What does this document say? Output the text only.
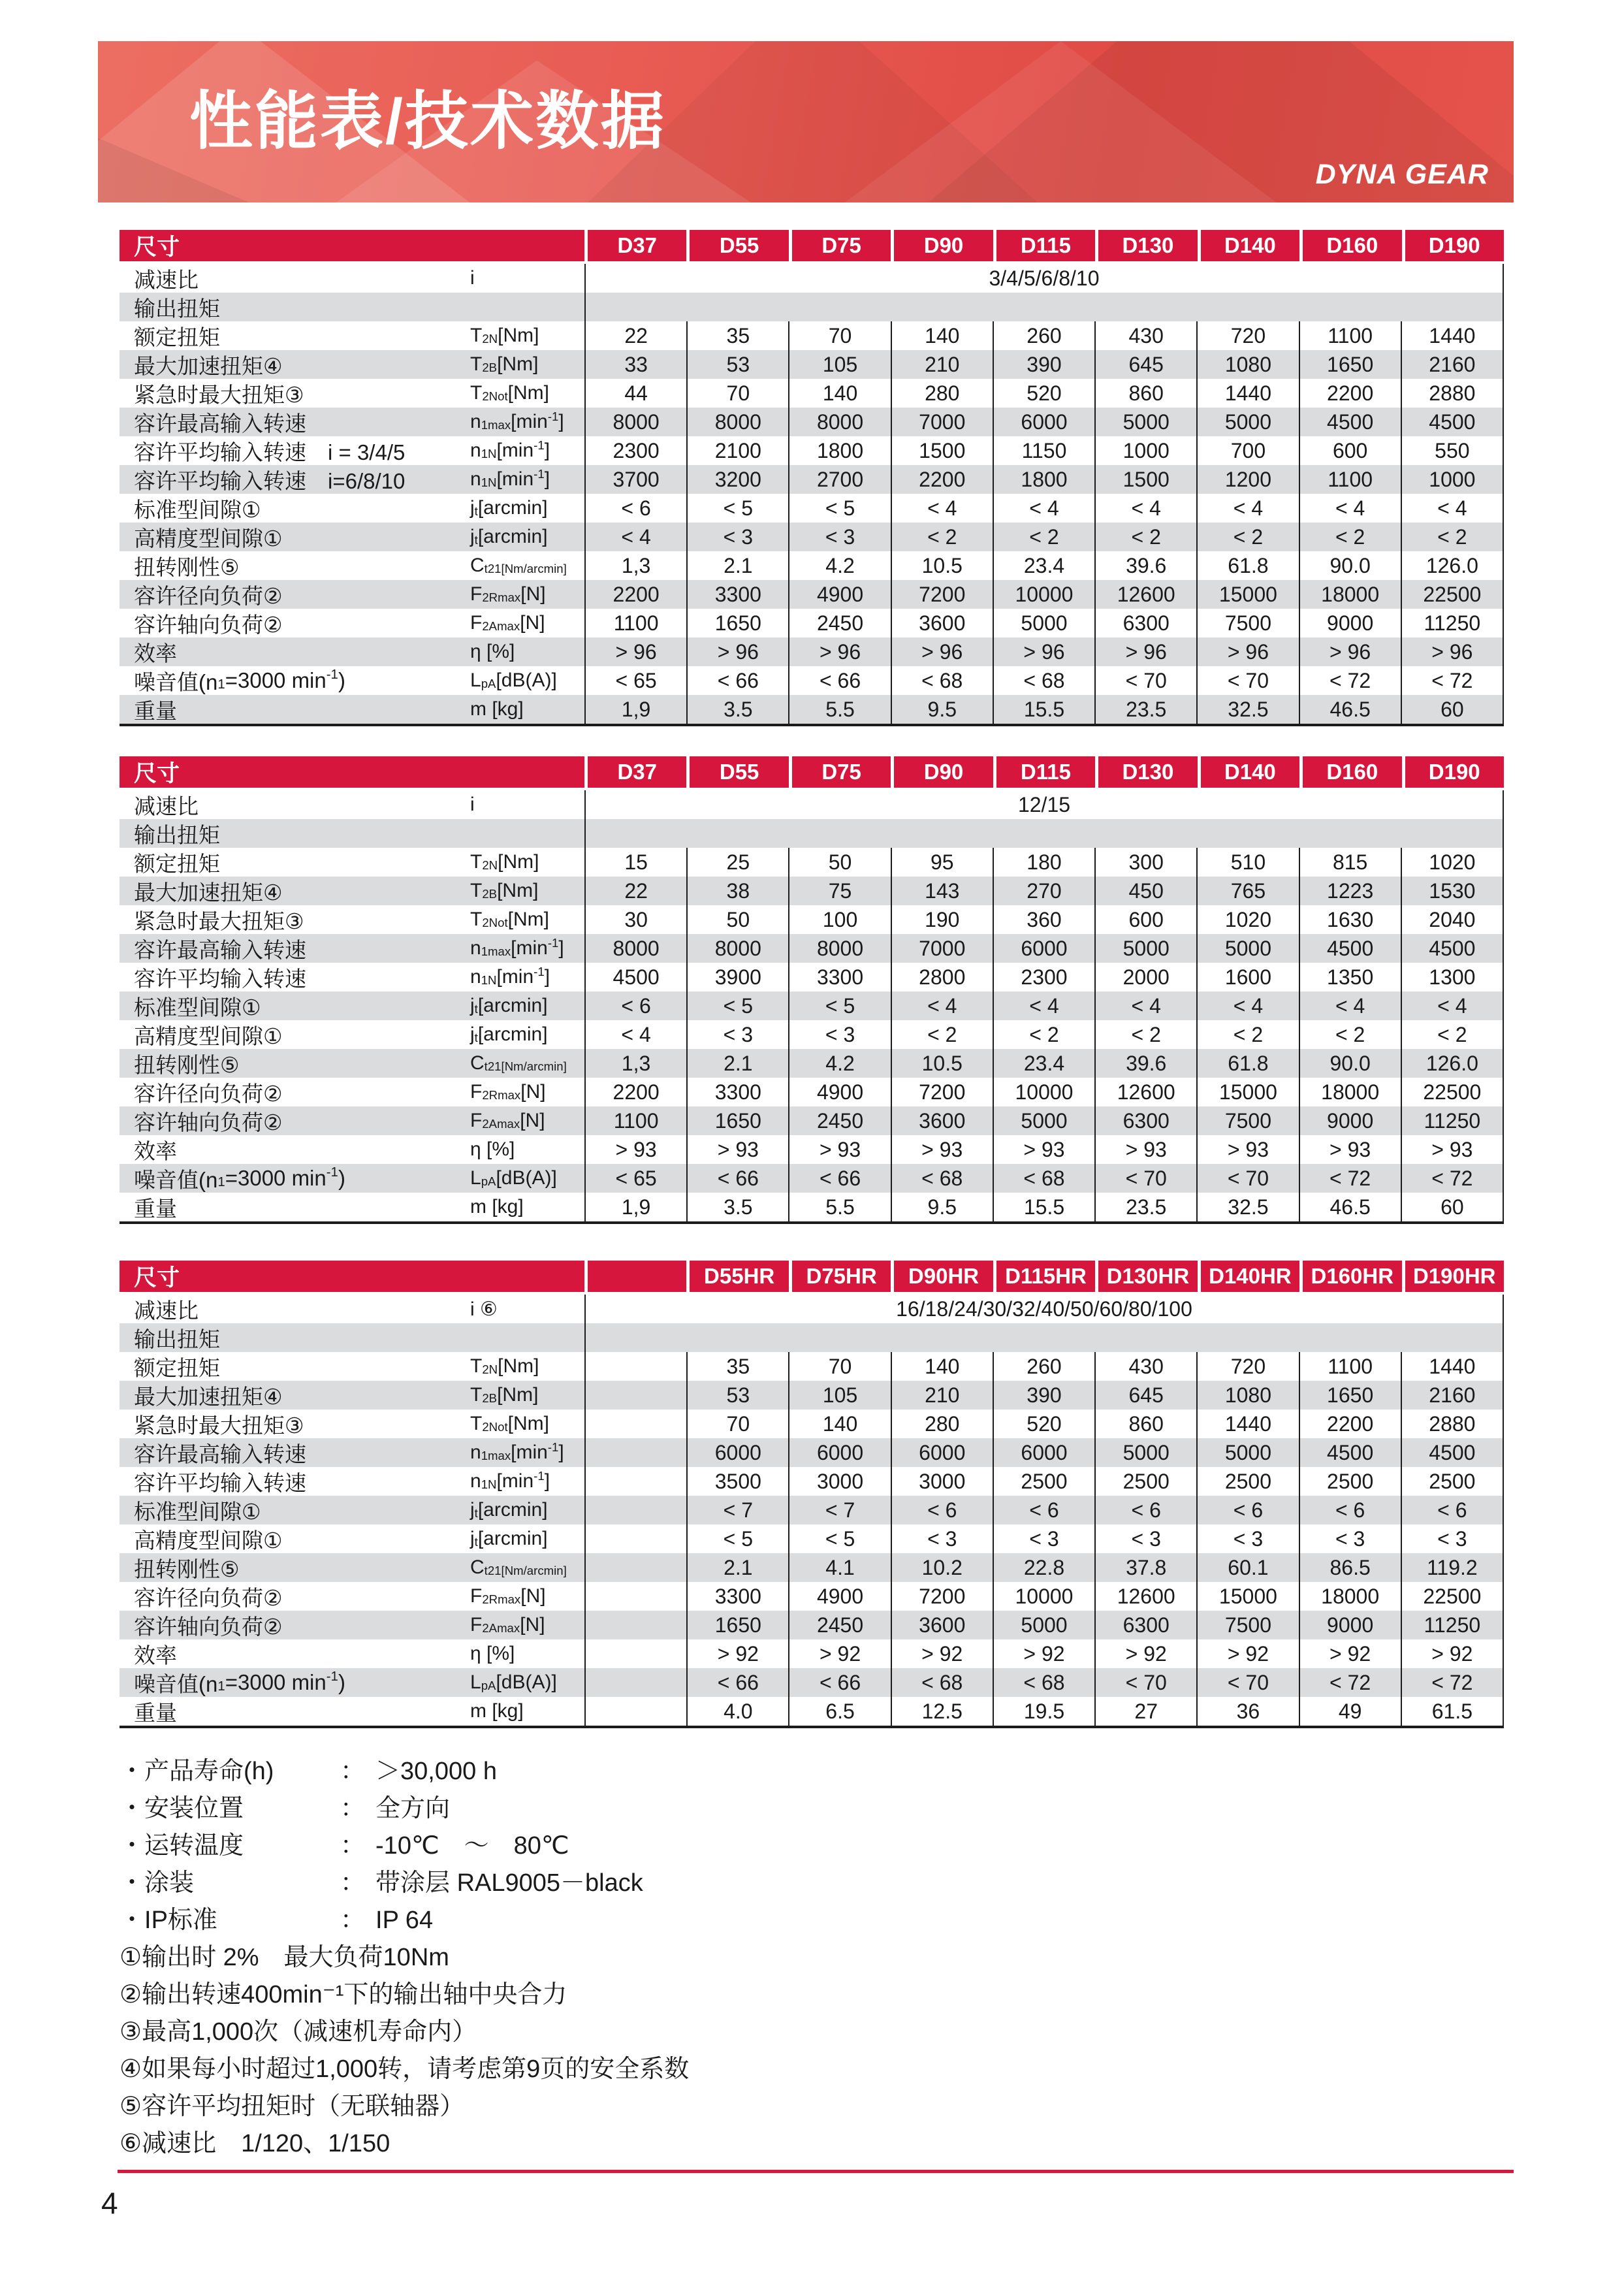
性能表/技术数据
DYNA GEAR
尺寸	D37	D55	D75	D90	D115	D130	D140	D160	D190
减速比	i	3/4/5/6/8/10
输出扭矩
额定扭矩	T 2N [Nm]	22	35	70	140	260	430	720	1100	1440
最大加速扭矩④	T 2B [Nm]	33	53	105	210	390	645	1080	1650	2160
紧急时最大扭矩③	T 2Not [Nm]	44	70	140	280	520	860	1440	2200	2880
容许最高输入转速	n 1max [min -1 ]	8000	8000	8000	7000	6000	5000	5000	4500	4500
容许平均输入转速　i = 3/4/5	n 1N [min -1 ]	2300	2100	1800	1500	1150	1000	700	600	550
容许平均输入转速　i=6/8/10	n 1N [min -1 ]	3700	3200	2700	2200	1800	1500	1200	1100	1000
标准型间隙①	j t [arcmin]	< 6	< 5	< 5	< 4	< 4	< 4	< 4	< 4	< 4
高精度型间隙①	j t [arcmin]	< 4	< 3	< 3	< 2	< 2	< 2	< 2	< 2	< 2
扭转刚性⑤	C t21 [Nm/arcmin]	1,3	2.1	4.2	10.5	23.4	39.6	61.8	90.0	126.0
容许径向负荷②	F 2Rmax [N]	2200	3300	4900	7200	10000	12600	15000	18000	22500
容许轴向负荷②	F 2Amax [N]	1100	1650	2450	3600	5000	6300	7500	9000	11250
效率	η [%]	> 96	> 96	> 96	> 96	> 96	> 96	> 96	> 96	> 96
噪音值(n 1 =3000 min -1 )	L pA [dB(A)]	< 65	< 66	< 66	< 68	< 68	< 70	< 70	< 72	< 72
重量	m [kg]	1,9	3.5	5.5	9.5	15.5	23.5	32.5	46.5	60
尺寸	D37	D55	D75	D90	D115	D130	D140	D160	D190
减速比	i	12/15
输出扭矩
额定扭矩	T 2N [Nm]	15	25	50	95	180	300	510	815	1020
最大加速扭矩④	T 2B [Nm]	22	38	75	143	270	450	765	1223	1530
紧急时最大扭矩③	T 2Not [Nm]	30	50	100	190	360	600	1020	1630	2040
容许最高输入转速	n 1max [min -1 ]	8000	8000	8000	7000	6000	5000	5000	4500	4500
容许平均输入转速	n 1N [min -1 ]	4500	3900	3300	2800	2300	2000	1600	1350	1300
标准型间隙①	j t [arcmin]	< 6	< 5	< 5	< 4	< 4	< 4	< 4	< 4	< 4
高精度型间隙①	j t [arcmin]	< 4	< 3	< 3	< 2	< 2	< 2	< 2	< 2	< 2
扭转刚性⑤	C t21 [Nm/arcmin]	1,3	2.1	4.2	10.5	23.4	39.6	61.8	90.0	126.0
容许径向负荷②	F 2Rmax [N]	2200	3300	4900	7200	10000	12600	15000	18000	22500
容许轴向负荷②	F 2Amax [N]	1100	1650	2450	3600	5000	6300	7500	9000	11250
效率	η [%]	> 93	> 93	> 93	> 93	> 93	> 93	> 93	> 93	> 93
噪音值(n 1 =3000 min -1 )	L pA [dB(A)]	< 65	< 66	< 66	< 68	< 68	< 70	< 70	< 72	< 72
重量	m [kg]	1,9	3.5	5.5	9.5	15.5	23.5	32.5	46.5	60
尺寸	D55HR	D75HR	D90HR	D115HR D130HR D140HR D160HR D190HR
减速比	i ⑥	16/18/24/30/32/40/50/60/80/100
输出扭矩
额定扭矩	T 2N [Nm]	35	70	140	260	430	720	1100	1440
最大加速扭矩④	T 2B [Nm]	53	105	210	390	645	1080	1650	2160
紧急时最大扭矩③	T 2Not [Nm]	70	140	280	520	860	1440	2200	2880
容许最高输入转速	n 1max [min -1 ]	6000	6000	6000	6000	5000	5000	4500	4500
容许平均输入转速	n 1N [min -1 ]	3500	3000	3000	2500	2500	2500	2500	2500
标准型间隙①	j t [arcmin]	< 7	< 7	< 6	< 6	< 6	< 6	< 6	< 6
高精度型间隙①	j t [arcmin]	< 5	< 5	< 3	< 3	< 3	< 3	< 3	< 3
扭转刚性⑤	C t21 [Nm/arcmin]	2.1	4.1	10.2	22.8	37.8	60.1	86.5	119.2
容许径向负荷②	F 2Rmax [N]	3300	4900	7200	10000	12600	15000	18000	22500
容许轴向负荷②	F 2Amax [N]	1650	2450	3600	5000	6300	7500	9000	11250
效率	η [%]	> 92	> 92	> 92	> 92	> 92	> 92	> 92	> 92
噪音值(n 1 =3000 min -1 )	L pA [dB(A)]	< 66	< 66	< 68	< 68	< 70	< 70	< 72	< 72
重量	m [kg]	4.0	6.5	12.5	19.5	27	36	49	61.5
・产品寿命(h)	： ＞30,000 h
・安装位置	： 全方向
・运转温度	： -10℃　～　80℃
・涂装	： 带涂层 RAL9005－black
・IP标准	： IP 64
①输出时 2%　最大负荷10Nm
②输出转速400min⁻¹下的输出轴中央合力
③最高1,000次（减速机寿命内）
④如果每小时超过1,000转，请考虑第9页的安全系数
⑤容许平均扭矩时（无联轴器）
⑥减速比　1/120、1/150
4
